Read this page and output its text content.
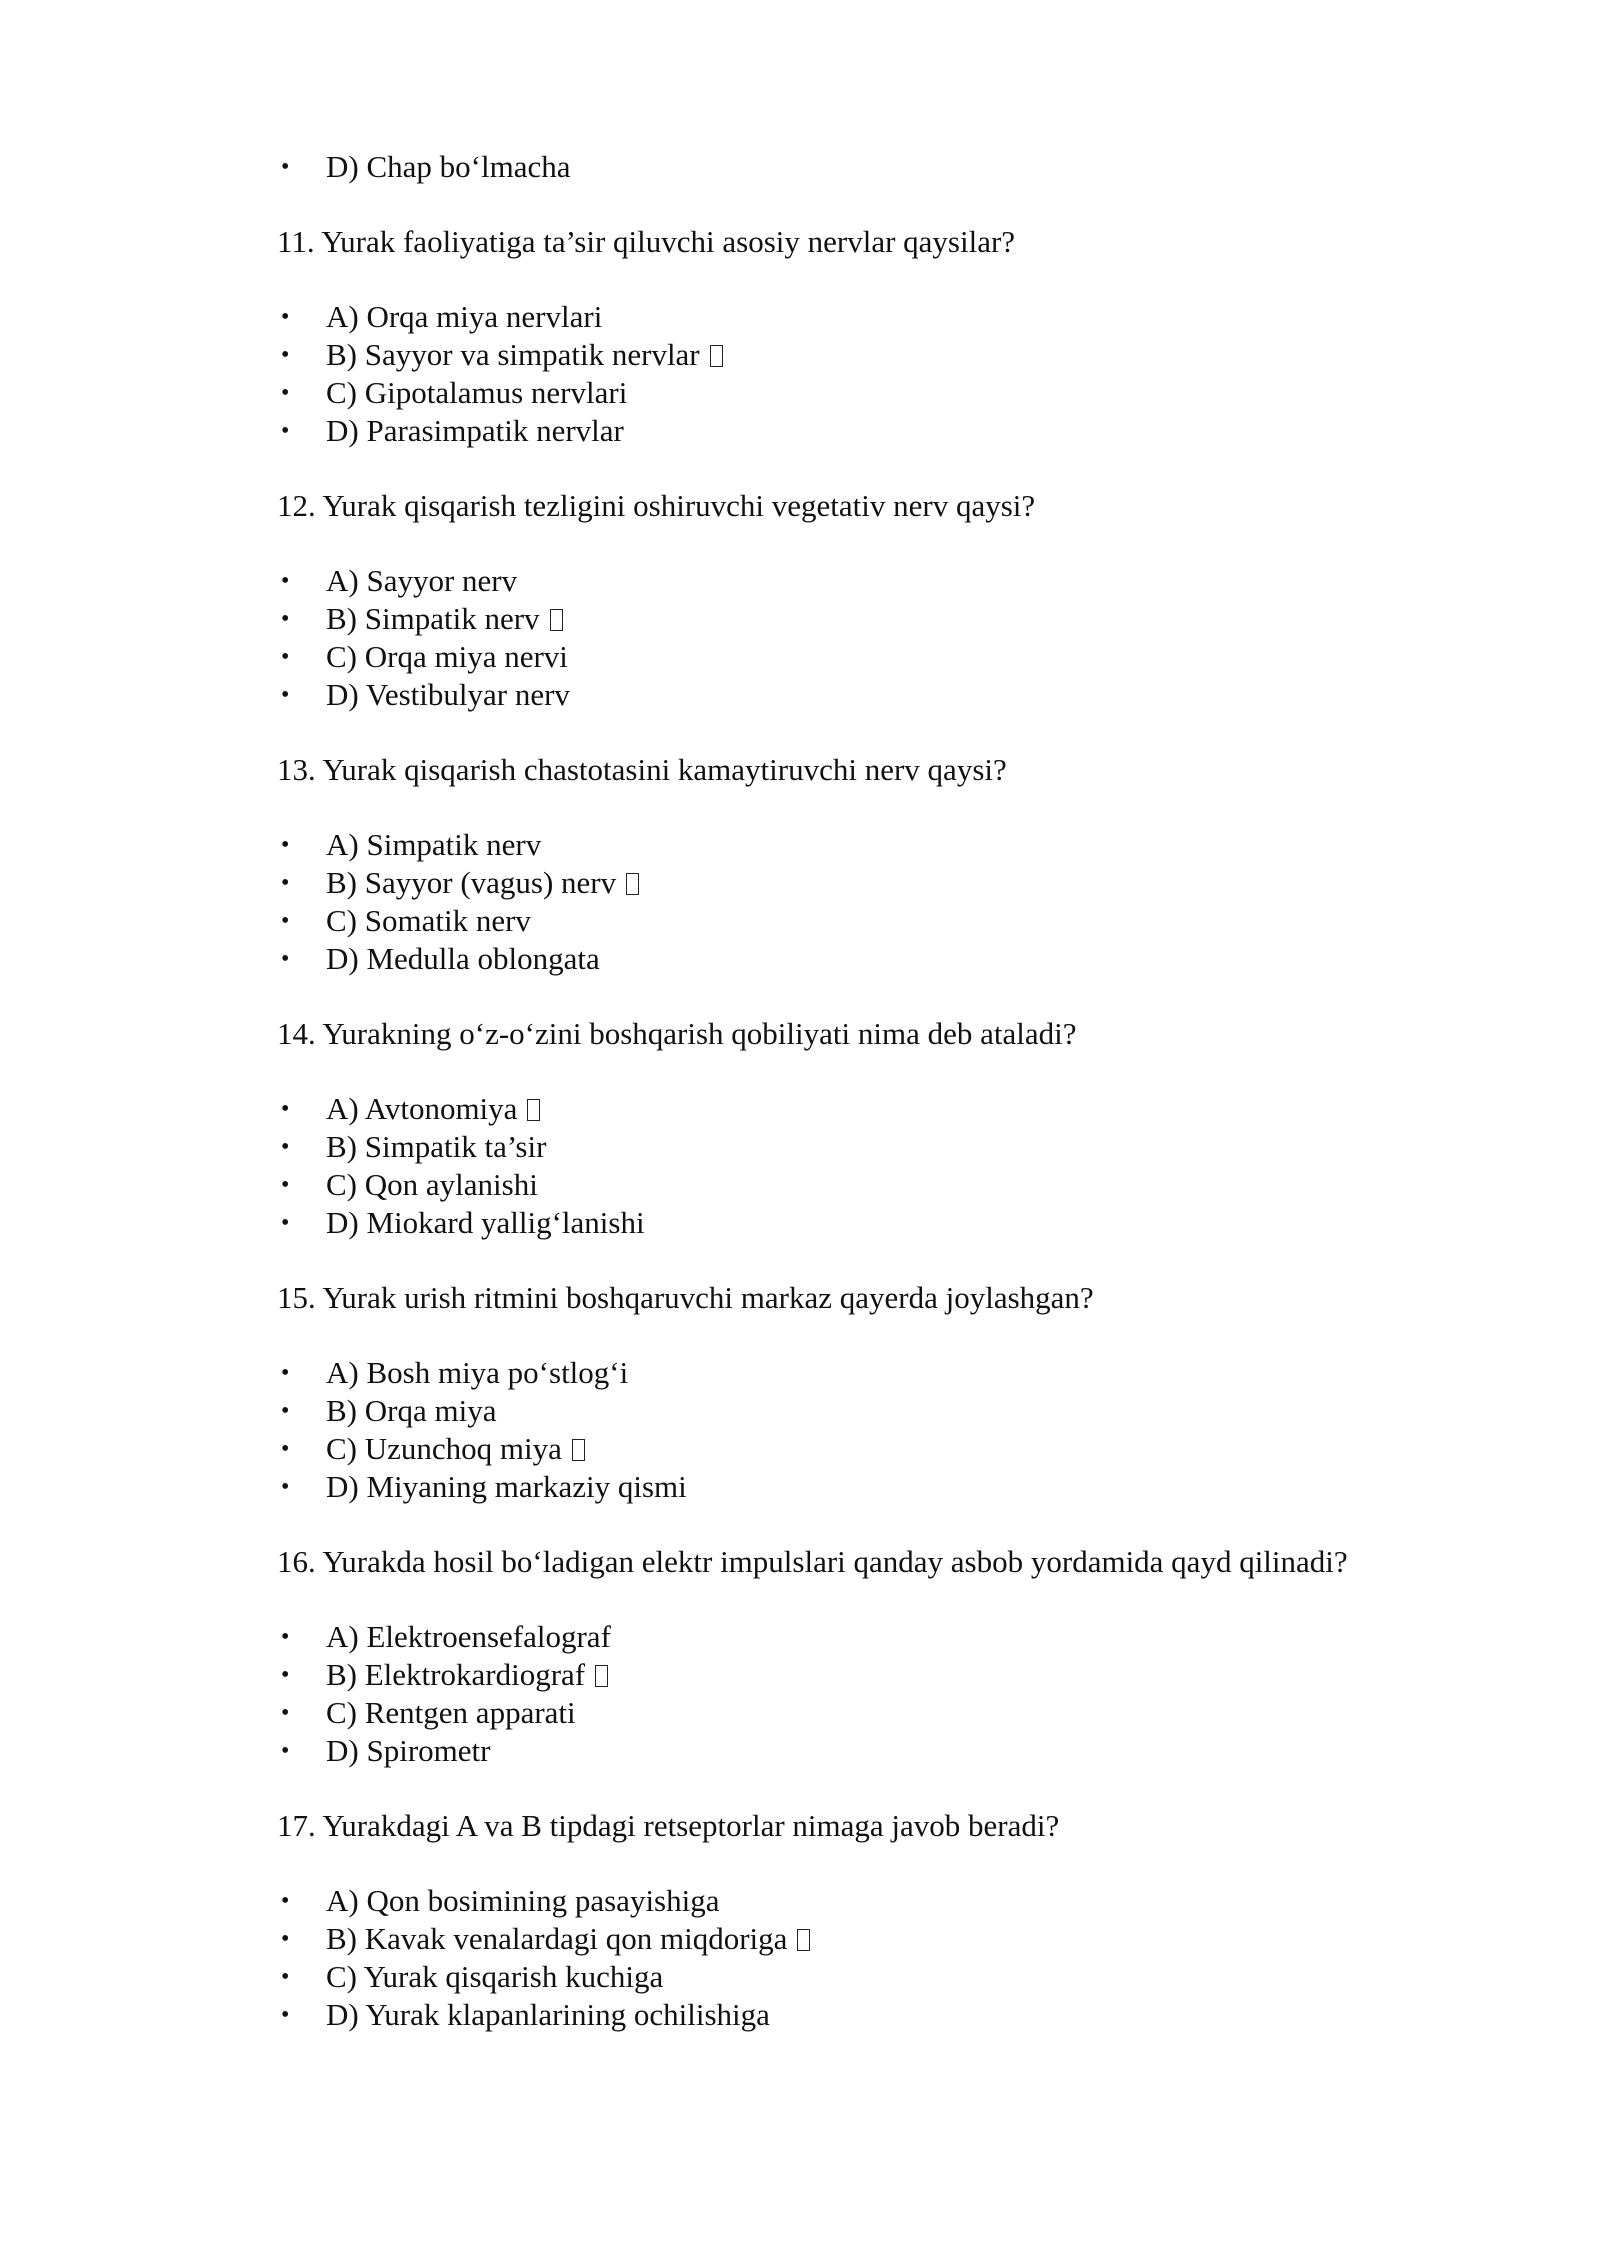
• D) Chap bo‘lmacha

11. Yurak faoliyatiga ta’sir qiluvchi asosiy nervlar qaysilar?

• A) Orqa miya nervlari
• B) Sayyor va simpatik nervlar
• C) Gipotalamus nervlari
• D) Parasimpatik nervlar

12. Yurak qisqarish tezligini oshiruvchi vegetativ nerv qaysi?

• A) Sayyor nerv
• B) Simpatik nerv
• C) Orqa miya nervi
• D) Vestibulyar nerv

13. Yurak qisqarish chastotasini kamaytiruvchi nerv qaysi?

• A) Simpatik nerv
• B) Sayyor (vagus) nerv
• C) Somatik nerv
• D) Medulla oblongata

14. Yurakning o‘z-o‘zini boshqarish qobiliyati nima deb ataladi?

• A) Avtonomiya
• B) Simpatik ta’sir
• C) Qon aylanishi
• D) Miokard yallig‘lanishi

15. Yurak urish ritmini boshqaruvchi markaz qayerda joylashgan?

• A) Bosh miya po‘stlog‘i
• B) Orqa miya
• C) Uzunchoq miya
• D) Miyaning markaziy qismi

16. Yurakda hosil bo‘ladigan elektr impulslari qanday asbob yordamida qayd qilinadi?

• A) Elektroensefalograf
• B) Elektrokardiograf
• C) Rentgen apparati
• D) Spirometr

17. Yurakdagi A va B tipdagi retseptorlar nimaga javob beradi?

• A) Qon bosimining pasayishiga
• B) Kavak venalardagi qon miqdoriga
• C) Yurak qisqarish kuchiga
• D) Yurak klapanlarining ochilishiga
